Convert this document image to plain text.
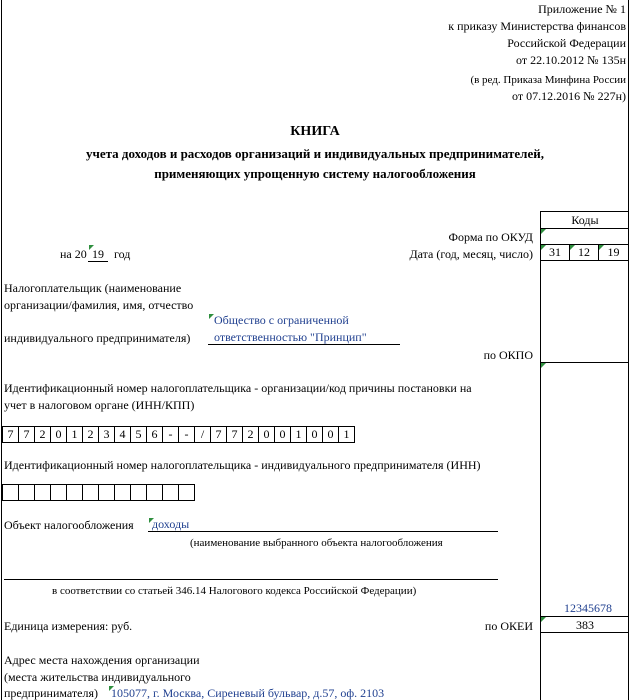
Приложение № 1
к приказу Министерства финансов
Российской Федерации
от 22.10.2012 № 135н
(в ред. Приказа Минфина России
от 07.12.2016 № 227н)
КНИГА
учета доходов и расходов организаций и индивидуальных предпринимателей,
применяющих упрощенную систему налогообложения
Коды
Форма по ОКУД
Дата (год, месяц, число)	31	12	19
по ОКПО
12345678
по ОКЕИ	383
на 20 19 год
Налогоплательщик (наименование
организации/фамилия, имя, отчество
индивидуального предпринимателя)
Общество с ограниченной
ответственностью "Принцип"
Идентификационный номер налогоплательщика - организации/код причины постановки на
учет в налоговом органе (ИНН/КПП)
7 7 2 0 1 2 3 4 5 6 -	-	/ 7 7 2 0 0 1 0 0 1
Идентификационный номер налогоплательщика - индивидуального предпринимателя (ИНН)
Объект налогообложения доходы
(наименование выбранного объекта налогообложения
в соответствии со статьей 346.14 Налогового кодекса Российской Федерации)
Единица измерения: руб.
Адрес места нахождения организации
(места жительства индивидуального
предпринимателя) 105077, г. Москва, Сиреневый бульвар, д.57, оф. 2103
